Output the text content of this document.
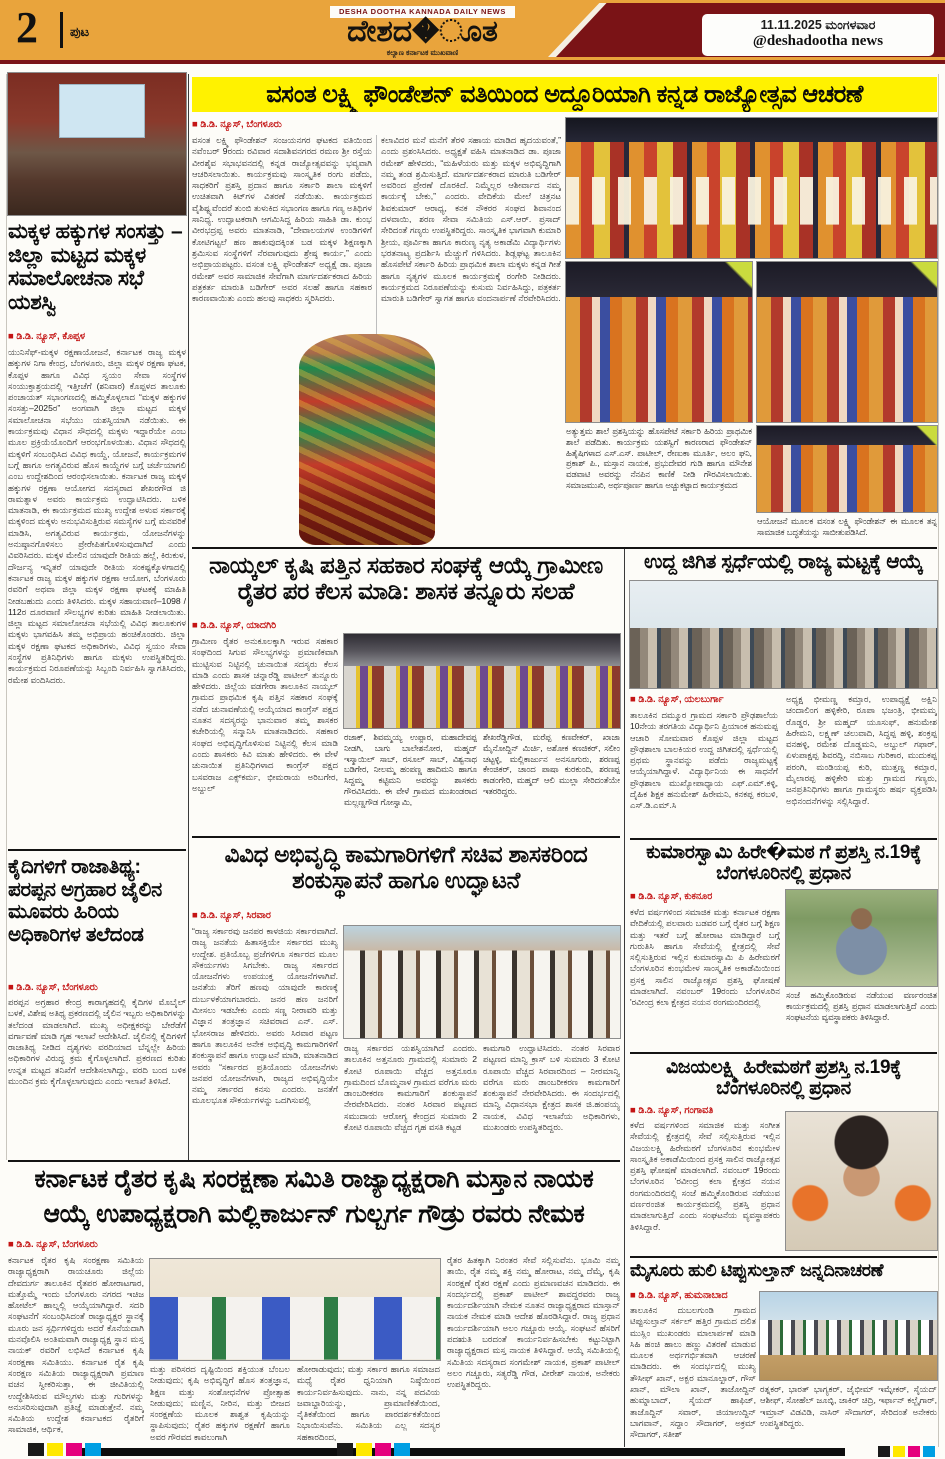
2 ಪುಟ
DESHA DOOTHA KANNADA DAILY NEWS
ದೇಶದ�ೂತ
ಕಲ್ಯಾಣ ಕರ್ನಾಟಕ ಮುಖವಾಣಿ
11.11.2025 ಮಂಗಳವಾರ
@deshadootha news
ಮಕ್ಕಳ ಹಕ್ಕುಗಳ ಸಂಸತ್ತು – ಜಿಲ್ಲಾ ಮಟ್ಟದ ಮಕ್ಕಳ ಸಮಾಲೋಚನಾ ಸಭೆ ಯಶಸ್ವಿ
■ ಡಿ.ಡಿ. ನ್ಯೂಸ್, ಕೊಪ್ಪಳ
ಯುನಿಸೆಫ್-ಮಕ್ಕಳ ರಕ್ಷಣಾಯೋಜನೆ, ಕರ್ನಾಟಕ ರಾಜ್ಯ ಮಕ್ಕಳ ಹಕ್ಕುಗಳ ನಿಗಾ ಕೇಂದ್ರ, ಬೆಂಗಳೂರು, ಜಿಲ್ಲಾ ಮಕ್ಕಳ ರಕ್ಷಣಾ ಘಟಕ, ಕೊಪ್ಪಳ ಹಾಗೂ ವಿವಿಧ ಸ್ವಯಂ ಸೇವಾ ಸಂಸ್ಥೆಗಳ ಸಂಯುಕ್ತಾಶ್ರಯದಲ್ಲಿ ಇತ್ತೀಚೆಗೆ (ಶನಿವಾರ) ಕೊಪ್ಪಳದ ತಾಲೂಕು ಪಂಚಾಯತ್ ಸಭಾಂಗಣದಲ್ಲಿ ಹಮ್ಮಿಕೊಳ್ಳಲಾದ “ಮಕ್ಕಳ ಹಕ್ಕುಗಳ ಸಂಸತ್ತು–2025ರ” ಅಂಗವಾಗಿ ಜಿಲ್ಲಾ ಮಟ್ಟದ ಮಕ್ಕಳ ಸಮಾಲೋಚನಾ ಸಭೆಯು ಯಶಸ್ವಿಯಾಗಿ ನಡೆಯಿತು. ಈ ಕಾರ್ಯಕ್ರಮವು ವಿಧಾನ ಸೌಧದಲ್ಲಿ ಮಕ್ಕಳು ಇದ್ದಾರೆಯೇ ಎಂಬ ಮೂಲ ಪ್ರಕ್ರಿಯೆಯೊಂದಿಗೆ ಆರಂಭಗೊಳಯಿತು. ವಿಧಾನ ಸೌಧದಲ್ಲಿ ಮಕ್ಕಳಿಗೆ ಸಂಬಂಧಿಸಿದ ವಿವಿಧ ಕಾಯ್ದೆ, ಯೋಜನೆ, ಕಾರ್ಯಕ್ರಮಗಳ ಬಗ್ಗೆ ಹಾಗೂ ಅಗತ್ಯವಿರುವ ಹೊಸ ಕಾಯ್ದೆಗಳ ಬಗ್ಗೆ ಚರ್ಚೆಯಾಗಲಿ ಎಂಬ ಉದ್ದೇಶದಿಂದ ಆರಂಭಿಸಲಾಯಿತು. ಕರ್ನಾಟಕ ರಾಜ್ಯ ಮಕ್ಕಳ ಹಕ್ಕುಗಳ ರಕ್ಷಣಾ ಆಯೋಗದ ಸದಸ್ಯರಾದ ಶೇಖರಗೌಡ ಜಿ ರಾಮತ್ನಾಳ ಅವರು ಕಾರ್ಯಕ್ರಮ ಉದ್ಘಾಟಿಸಿದರು. ಬಳಿಕ ಮಾತನಾಡಿ, ಈ ಕಾರ್ಯಕ್ರಮದ ಮುಖ್ಯ ಉದ್ದೇಶ ಅಳುವ ಸರ್ಕಾರಕ್ಕೆ ಮಕ್ಕಳಿಂದ ಮಕ್ಕಳು ಅನುಭವಿಸುತ್ತಿರುವ ಸಮಸ್ಯೆಗಳ ಬಗ್ಗೆ ಮನವರಿಕೆ ಮಾಡಿಸಿ, ಅಗತ್ಯವಿರುವ ಕಾರ್ಯಕ್ರಮ, ಯೋಜನೆಗಳನ್ನು ಅನುಷ್ಠಾನಗೊಳಿಸಲು ಪ್ರೇರೇಪಿತಗೊಳಿಸುವುದಾಗಿದೆ ಎಂದು ವಿವರಿಸಿದರು. ಮಕ್ಕಳ ಮೇಲಿನ ಯಾವುದೇ ರೀತಿಯ ಹಲ್ಲೆ, ಕಿರುಕುಳ, ದೌರ್ಜನ್ಯ ಇನ್ನಿತರೆ ಯಾವುದೇ ರೀತಿಯ ಸಂಕಷ್ಟಕ್ಕೊಳಗಾದಲ್ಲಿ ಕರ್ನಾಟಕ ರಾಜ್ಯ ಮಕ್ಕಳ ಹಕ್ಕುಗಳ ರಕ್ಷಣಾ ಆಯೋಗ, ಬೆಂಗಳೂರು ರವರಿಗೆ ಅಥವಾ ಜಿಲ್ಲಾ ಮಕ್ಕಳ ರಕ್ಷಣಾ ಘಟಕಕ್ಕೆ ಮಾಹಿತಿ ನೀಡಬಹುದು ಎಂದು ತಿಳಿಸಿದರು. ಮಕ್ಕಳ ಸಹಾಯವಾಣಿ–1098 / 112ರ ದೂರವಾಣಿ ಸೌಲಭ್ಯಗಳ ಕುರಿತು ಮಾಹಿತಿ ನೀಡಲಾಯಿತು. ಜಿಲ್ಲಾ ಮಟ್ಟದ ಸಮಾಲೋಚನಾ ಸಭೆಯಲ್ಲಿ ವಿವಿಧ ತಾಲೂಕುಗಳ ಮಕ್ಕಳು ಭಾಗವಹಿಸಿ ತಮ್ಮ ಅಭಿಪ್ರಾಯ ಹಂಚಿಕೊಂಡರು. ಜಿಲ್ಲಾ ಮಕ್ಕಳ ರಕ್ಷಣಾ ಘಟಕದ ಅಧಿಕಾರಿಗಳು, ವಿವಿಧ ಸ್ವಯಂ ಸೇವಾ ಸಂಸ್ಥೆಗಳ ಪ್ರತಿನಿಧಿಗಳು ಹಾಗೂ ಮಕ್ಕಳು ಉಪಸ್ಥಿತರಿದ್ದರು. ಕಾರ್ಯಕ್ರಮದ ನಿರೂಪಣೆಯನ್ನು ಸಿಬ್ಬಂದಿ ನಿರ್ವಹಿಸಿ ಸ್ವಾಗತಿಸಿದರು, ರಮೇಶ ವಂದಿಸಿದರು.
ಕೈದಿಗಳಿಗೆ ರಾಜಾತಿಥ್ಯ: ಪರಪ್ಪನ ಅಗ್ರಹಾರ ಜೈಲಿನ ಮೂವರು ಹಿರಿಯ ಅಧಿಕಾರಿಗಳ ತಲೆದಂಡ
■ ಡಿ.ಡಿ. ನ್ಯೂಸ್, ಬೆಂಗಳೂರು
ಪರಪ್ಪನ ಅಗ್ರಹಾರ ಕೇಂದ್ರ ಕಾರಾಗೃಹದಲ್ಲಿ ಕೈದಿಗಳ ಮೊಬೈಲ್ ಬಳಕೆ, ವಿಶೇಷ ಅತಿಥ್ಯ ಪ್ರಕರಣದಲ್ಲಿ ಜೈಲಿನ ಇಬ್ಬರು ಅಧಿಕಾರಿಗಳನ್ನು ತಲೆದಂಡ ಮಾಡಲಾಗಿದೆ. ಮುಖ್ಯ ಅಧೀಕ್ಷಕರನ್ನು ಬೇರೆಡೆಗೆ ವರ್ಗಾವಣೆ ಮಾಡಿ ಗೃಹ ಇಲಾಖೆ ಆದೇಶಿಸಿದೆ. ಜೈಲಿನಲ್ಲಿ ಕೈದಿಗಳಿಗೆ ರಾಜಾತಿಥ್ಯ ನೀಡಿದ ದೃಶ್ಯಗಳು ವರದಿಯಾದ ಬೆನ್ನಲ್ಲೇ ಹಿರಿಯ ಅಧಿಕಾರಿಗಳ ವಿರುದ್ಧ ಕ್ರಮ ಕೈಗೊಳ್ಳಲಾಗಿದೆ. ಪ್ರಕರಣದ ಕುರಿತು ಉನ್ನತ ಮಟ್ಟದ ತನಿಖೆಗೆ ಆದೇಶಿಸಲಾಗಿದ್ದು, ವರದಿ ಬಂದ ಬಳಿಕ ಮುಂದಿನ ಕ್ರಮ ಕೈಗೊಳ್ಳಲಾಗುವುದು ಎಂದು ಇಲಾಖೆ ತಿಳಿಸಿದೆ.
ವಸಂತ ಲಕ್ಷ್ಮಿ ಫೌಂಡೇಶನ್ ವತಿಯಿಂದ ಅದ್ದೂರಿಯಾಗಿ ಕನ್ನಡ ರಾಜ್ಯೋತ್ಸವ ಆಚರಣೆ
■ ಡಿ.ಡಿ. ನ್ಯೂಸ್, ಬೆಂಗಳೂರು
ವಸಂತ ಲಕ್ಷ್ಮಿ ಫೌಂಡೇಶನ್ ಸಂಜಯನಗರ ಘಟಕದ ವತಿಯಿಂದ ನವೆಂಬರ್ 9ರಂದು ರವಿವಾರ ಸದಾಶಿವನಗರದ ರಮಣ ಶ್ರೀ ರಸ್ತೆಯ ವೀರಶೈವ ಸಭಾಭವನದಲ್ಲಿ ಕನ್ನಡ ರಾಜ್ಯೋತ್ಸವವನ್ನು ಭವ್ಯವಾಗಿ ಆಚರಿಸಲಾಯಿತು. ಕಾರ್ಯಕ್ರಮವು ಸಾಂಸ್ಕೃತಿಕ ರಂಗು ಪಡೆದು, ಸಾಧಕರಿಗೆ ಪ್ರಶಸ್ತಿ ಪ್ರದಾನ ಹಾಗೂ ಸರ್ಕಾರಿ ಶಾಲಾ ಮಕ್ಕಳಿಗೆ ಉಚಿತವಾಗಿ ಕಿಟ್‌ಗಳ ವಿತರಣೆ ನಡೆಯಿತು. ಕಾರ್ಯಕ್ರಮದ ವೈಶಿಷ್ಟ್ಯವೆಂದರೆ ತುಂಬಿ ತುಳುಕಿದ ಸಭಾಂಗಣ ಹಾಗೂ ಗಣ್ಯ ಅತಿಥಿಗಳ ಸಾನಿಧ್ಯ. ಉದ್ಘಾಟಕರಾಗಿ ಆಗಮಿಸಿದ್ದ ಹಿರಿಯ ಸಾಹಿತಿ ಡಾ. ಕುಂಭ ವೀರಭದ್ರಪ್ಪ ಅವರು ಮಾತನಾಡಿ, “ದೇವಾಲಯಗಳ ಉಂಡಿಗಳಿಗೆ ಕೋಟಿಗಟ್ಟಲೆ ಹಣ ಹಾಕುವುದಕ್ಕಿಂತ ಬಡ ಮಕ್ಕಳ ಶಿಕ್ಷಣಕ್ಕಾಗಿ ಶ್ರಮಿಸುವ ಸಂಸ್ಥೆಗಳಿಗೆ ನೆರವಾಗುವುದು ಶ್ರೇಷ್ಠ ಕಾರ್ಯ,” ಎಂದು ಅಭಿಪ್ರಾಯಪಟ್ಟರು. ವಸಂತ ಲಕ್ಷ್ಮಿ ಫೌಂಡೇಶನ್ ಅಧ್ಯಕ್ಷೆ ಡಾ. ಪೂಜಾ ರಮೇಶ್ ಅವರ ಸಾಮಾಜಿಕ ಸೇವೆಗಾಗಿ ಮಾರ್ಗದರ್ಶಕರಾದ ಹಿರಿಯ ಪತ್ರಕರ್ತ ಮಾರುತಿ ಬಡಿಗೇರ್ ಅವರ ಸಲಹೆ ಹಾಗೂ ಸಹಕಾರ ಕಾರಣವಾಯಿತು ಎಂದು ಹಲವು ಸಾಧಕರು ಸ್ಮರಿಸಿದರು.
ಕಲಾವಿದರ ಮನೆ ಮನೆಗೆ ತೆರಳಿ ಸಹಾಯ ಮಾಡಿದ ಹೃದಯವಂತೆ,” ಎಂದು ಪ್ರಶಂಸಿಸಿದರು. ಅಧ್ಯಕ್ಷತೆ ವಹಿಸಿ ಮಾತನಾಡಿದ ಡಾ. ಪೂಜಾ ರಮೇಶ್ ಹೇಳಿದರು, “ಮಹಿಳೆಯರು ಮತ್ತು ಮಕ್ಕಳ ಅಭಿವೃದ್ಧಿಗಾಗಿ ನಮ್ಮ ತಂಡ ಶ್ರಮಿಸುತ್ತಿದೆ. ಮಾರ್ಗದರ್ಶಕರಾದ ಮಾರುತಿ ಬಡಿಗೇರ್ ಅವರಿಂದ ಪ್ರೇರಣೆ ದೊರಕಿದೆ. ನಿಮ್ಮೆಲ್ಲರ ಆಶೀರ್ವಾದ ನಮ್ಮ ಕಾರ್ಯಕ್ಕೆ ಬೇಕು,” ಎಂದರು. ವೇದಿಕೆಯ ಮೇಲೆ ಚಿತ್ರನಟ ಶಿವಕುಮಾರ್ ಆರಾಧ್ಯ, ಕನಕ ನೌಕರರ ಸಂಘದ ಶಿವಾನಂದ ದಳವಾಯಿ, ಶರಣ ಸೇವಾ ಸಮಿತಿಯ ಎಸ್.ಆರ್. ಪ್ರಸಾದ್ ಸೇರಿದಂತೆ ಗಣ್ಯರು ಉಪಸ್ಥಿತರಿದ್ದರು. ಸಾಂಸ್ಕೃತಿಕ ಭಾಗವಾಗಿ ಕುಮಾರಿ ಶ್ರೀಯ, ಪೂರ್ವಿಕಾ ಹಾಗೂ ಕಾರುಣ್ಯ ನೃತ್ಯ ಅಕಾಡೆಮಿ ವಿದ್ಯಾರ್ಥಿಗಳು ಭರತನಾಟ್ಯ ಪ್ರದರ್ಶಿಸಿ ಮೆಚ್ಚುಗೆ ಗಳಿಸಿದರು. ಶಿಡ್ಲಘಟ್ಟ ತಾಲೂಕಿನ ಹೊಸಪೇಟೆ ಸರ್ಕಾರಿ ಹಿರಿಯ ಪ್ರಾಥಮಿಕ ಶಾಲಾ ಮಕ್ಕಳು ಕನ್ನಡ ಗೀತೆ ಹಾಗೂ ನೃತ್ಯಗಳ ಮೂಲಕ ಕಾರ್ಯಕ್ರಮಕ್ಕೆ ರಂಗೇರಿ ನೀಡಿದರು. ಕಾರ್ಯಕ್ರಮದ ನಿರೂಪಣೆಯನ್ನು ಕುಸುಮ ನಿರ್ವಹಿಸಿದ್ದು, ಪತ್ರಕರ್ತ ಮಾರುತಿ ಬಡಿಗೇರ್ ಸ್ವಾಗತ ಹಾಗೂ ವಂದನಾರ್ಪಣೆ ನೆರವೇರಿಸಿದರು.
ಅತ್ಯುತ್ತಮ ಶಾಲೆ ಪ್ರಶಸ್ತಿಯನ್ನು ಹೊಸಪೇಟೆ ಸರ್ಕಾರಿ ಹಿರಿಯ ಪ್ರಾಥಮಿಕ ಶಾಲೆ ಪಡೆದಿತು. ಕಾರ್ಯಕ್ರಮ ಯಶಸ್ವಿಗೆ ಕಾರಣರಾದ ಫೌಂಡೇಶನ್ ಹಿತೈಷಿಗಳಾದ ಎಸ್.ಎಸ್. ಪಾಟೀಲ್, ರೇಣುಕಾ ಮೂರ್ತಿ, ಅಲಂ ಘನಿ, ಪ್ರಕಾಶ್ ಪಿ., ಮಸ್ತಾನ ನಾಯಕ, ಪ್ರಭುದೇವರ ಗುಡಿ ಹಾಗೂ ಮೌನೇಶ ವಡವಾಟಿ ಅವರನ್ನು ನೆನಪಿನ ಕಾಣಿಕೆ ನೀಡಿ ಗೌರವಿಸಲಾಯಿತು. ಸಮಾಜಮುಖಿ, ಅರ್ಥಪೂರ್ಣ ಹಾಗೂ ಅಚ್ಚುಕಟ್ಟಾದ ಕಾರ್ಯಕ್ರಮದ
ಆಯೋಜನೆ ಮೂಲಕ ವಸಂತ ಲಕ್ಷ್ಮಿ ಫೌಂಡೇಶನ್ ಈ ಮೂಲಕ ತನ್ನ ಸಾಮಾಜಿಕ ಬದ್ಧತೆಯನ್ನು ಸಾಬೀತುಪಡಿಸಿದೆ.
ನಾಯ್ಕಲ್ ಕೃಷಿ ಪತ್ತಿನ ಸಹಕಾರ ಸಂಘಕ್ಕೆ ಆಯ್ಕೆ ಗ್ರಾಮೀಣ ರೈತರ ಪರ ಕೆಲಸ ಮಾಡಿ: ಶಾಸಕ ತನ್ನೂರು ಸಲಹೆ
■ ಡಿ.ಡಿ. ನ್ಯೂಸ್, ಯಾದಗಿರಿ
ಗ್ರಾಮೀಣ ರೈತರ ಅನುಕೂಲಕ್ಕಾಗಿ ಇರುವ ಸಹಕಾರ ಸಂಘದಿಂದ ಸಿಗುವ ಸೌಲಭ್ಯಗಳನ್ನು ಪ್ರಮಾಣಿಕವಾಗಿ ಮುಟ್ಟಿಸುವ ನಿಟ್ಟಿನಲ್ಲಿ ಚುನಾಯಿತ ಸದಸ್ಯರು ಕೆಲಸ ಮಾಡಿ ಎಂದು ಶಾಸಕ ಚನ್ನಾರೆಡ್ಡಿ ಪಾಟೀಲ್ ತುನ್ನೂರು ಹೇಳಿದರು. ಜಿಲ್ಲೆಯ ವಡಗೇರಾ ತಾಲೂಕಿನ ನಾಯ್ಕಲ್ ಗ್ರಾಮದ ಪ್ರಾಥಮಿಕ ಕೃಷಿ ಪತ್ತಿನ ಸಹಕಾರ ಸಂಘಕ್ಕೆ ನಡೆದ ಚುನಾವಣೆಯಲ್ಲಿ ಆಯ್ಕೆಯಾದ ಕಾಂಗ್ರೆಸ್ ಪಕ್ಷದ ನೂತನ ಸದಸ್ಯರನ್ನು ಭಾನುವಾರ ತಮ್ಮ ಶಾಸಕರ ಕಚೇರಿಯಲ್ಲಿ ಸನ್ಮಾನಿಸಿ ಮಾತನಾಡಿದರು. ಸಹಕಾರ ಸಂಘದ ಅಭಿವೃದ್ಧಿಗೊಳಿಸುವ ನಿಟ್ಟಿನಲ್ಲಿ ಕೆಲಸ ಮಾಡಿ ಎಂದು ಶಾಸಕರು ಕಿವಿ ಮಾತು ಹೇಳಿದರು. ಈ ವೇಳೆ ಚುನಾಯಿತ ಪ್ರತಿನಿಧಿಗಳಾದ ಕಾಂಗ್ರೆಸ್ ಪಕ್ಷದ ಬಸವರಾಜ ಎಕ್ಸ್‌ಕರ್ಮ, ಭೀಮರಾಯ ಅರಿಬಗೇರ, ಅಬ್ದುಲ್
ರಜಾಕ್, ಶಿವಮ್ಮಯ್ಯ ಉಪ್ಪಾರ, ಮಹಾದೇವಪ್ಪ ನೀಡಗಿ, ಬಾಗು ಬಾಲೇಶನೋರ, ಮಹ್ಮದ್ ಇಸ್ಮಾಯಿಲ್ ಸಾಬ್, ರಸೂಲ್ ಸಾಬ್, ವಿಶ್ವನಾಥ ಬಡಿಗೇರ, ನೀಲಮ್ಮ ಹಂಪಣ್ಣ ಹಾದಿಮನಿ ಹಾಗೂ ಸಿದ್ದಮ್ಮ ಕಟ್ಟಿಮನಿ ಅವರನ್ನು ಶಾಸಕರು ಗೌರವಿಸಿದರು. ಈ ವೇಳೆ ಗ್ರಾಮದ ಮುಖಂಡರಾದ ಮಲ್ಲಣ್ಣಗೌಡ ಗೋಸ್ವಾಮಿ,
ಶೇಖರೆಡ್ಡಿಗೌಡ, ಮರೆಪ್ಪ ಕಣವೇಕರ್, ಖಾಜಾ ಮೈನೋದ್ದಿನ್ ಮಿರ್ಚಿ, ಅಶೋಕ ಕಣಜಿಕರ್, ಸಲೀಂ ಚಟ್ಟಳ್ಳಿ, ಮಲ್ಲಿಕಾರ್ಜುನ ಅನಸೂಗುರು, ಶರಣಪ್ಪ ಕೇಂಜಿಕರ್, ಚಾಂದ ಪಾಷಾ ಕುರಕುಂದಿ, ಶರಣಪ್ಪ ಕಾಡಂಗೇರಿ, ಮಹ್ಮದ್ ಆಲಿ ಮುಲ್ಲಾ ಸೇರಿದಂತೆಯೇ ಇತರರಿದ್ದರು.
ವಿವಿಧ ಅಭಿವೃದ್ಧಿ ಕಾಮಗಾರಿಗಳಿಗೆ ಸಚಿವ ಶಾಸಕರಿಂದ ಶಂಕುಸ್ಥಾಪನೆ ಹಾಗೂ ಉದ್ಘಾಟನೆ
■ ಡಿ.ಡಿ. ನ್ಯೂಸ್, ಸಿರವಾರ
“ರಾಜ್ಯ ಸರ್ಕಾರವು ಜನಪರ ಕಾಳಜಿಯ ಸರ್ಕಾರವಾಗಿದೆ. ರಾಜ್ಯ ಜನತೆಯ ಹಿತಾಸಕ್ತಿಯೇ ಸರ್ಕಾರದ ಮುಖ್ಯ ಉದ್ದೇಶ. ಪ್ರತಿಯೊಬ್ಬ ಪ್ರಜೆಗಳಿಗೂ ಸರ್ಕಾರದ ಮೂಲ ಸೌಕರ್ಯಗಳು ಸಿಗಬೇಕು. ರಾಜ್ಯ ಸರ್ಕಾರದ ಯೋಜನೆಗಳು ಉಪಯುಕ್ತ ಯೋಜನೆಗಳಾಗಿವೆ. ಜನತೆಯ ತೆರಿಗೆ ಹಣವು ಯಾವುದೇ ಕಾರಣಕ್ಕೆ ದುರ್ಬಳಕೆಯಾಗಬಾರದು. ಜನರ ಹಣ ಜನರಿಗೆ ಮೀಸಲು ಇಡಬೇಕು ಎಂದು ಸಣ್ಣ ನೀರಾವರಿ ಮತ್ತು ವಿಜ್ಞಾನ ತಂತ್ರಜ್ಞಾನ ಸಚಿವರಾದ ಎನ್. ಎಸ್. ಭೋಸರಾಜ ಹೇಳಿದರು. ಅವರು ಸಿರವಾರ ಪಟ್ಟಣ ಹಾಗೂ ತಾಲೂಕಿನ ಅನೇಕ ಅಭಿವೃದ್ಧಿ ಕಾಮಗಾರಿಗಳಿಗೆ ಶಂಕುಸ್ಥಾಪನೆ ಹಾಗೂ ಉದ್ಘಾಟನೆ ಮಾಡಿ, ಮಾತನಾಡಿದ ಅವರು “ಸರ್ಕಾರದ ಪ್ರತಿಯೊಂದು ಯೋಜನೆಗಳು ಜನಪರ ಯೋಜನೆಗಳಾಗಿ, ರಾಜ್ಯದ ಅಭಿವೃದ್ಧಿಯೇ ನಮ್ಮ ಸರ್ಕಾರದ ಕನಸು ಎಂದರು. ಜನತೆಗೆ ಮೂಲಭೂತ ಸೌಕರ್ಯಗಳನ್ನು ಒದಗಿಸುವಲ್ಲಿ
ರಾಜ್ಯ ಸರ್ಕಾರದ ಯಶಸ್ವಿಯಾಗಿದೆ ಎಂದರು. ತಾಲೂಕಿನ ಅತ್ತನೂರು ಗ್ರಾಮದಲ್ಲಿ ಸುಮಾರು 2 ಕೋಟಿ ರೂಪಾಯಿ ವೆಚ್ಚದ ಅತ್ತನೂರೂ ಗ್ರಾಮದಿಂದ ಬೊಮ್ಮನಾಳ ಗ್ರಾಮದ ವರೆಗೂ ಮರು ಡಾಂಬರೀಕರಣ ಕಾಮಗಾರಿಗೆ ಶಂಕುಸ್ಥಾಪನೆ ನೇರವೇರಿಸಿದರು. ನಂತರ ಸಿರವಾರ ಪಟ್ಟಣದ ಸಮುದಾಯ ಆರೋಗ್ಯ ಕೇಂದ್ರದ ಸುಮಾರು 2 ಕೋಟಿ ರೂಪಾಯಿ ವೆಚ್ಚದ ಗೃಹ ವಸತಿ ಕಟ್ಟಡ
ಕಾಮಗಾರಿ ಉದ್ಘಾಟಿಸಿದರು. ನಂತರ ಸಿರವಾರ ಪಟ್ಟಣದ ಮಾನ್ವಿ ಕ್ರಾಸ್ ಬಳಿ ಸುಮಾರು 3 ಕೋಟಿ ರೂಪಾಯಿ ವೆಚ್ಚದ ಸಿರವಾರದಿಂದ – ನೀರಮಾನ್ವಿ ವರೆಗೂ ಮರು ಡಾಂಬರೀಕರಣ ಕಾಮಗಾರಿಗೆ ಶಂಕುಸ್ಥಾಪನೆ ನೇರವೇರಿಸಿದರು. ಈ ಸಂದರ್ಭದಲ್ಲಿ ಮಾನ್ವಿ ವಿಧಾನಸಭಾ ಕ್ಷೇತ್ರದ ಶಾಸಕ ಜಿ.ಹಂಪಯ್ಯ ನಾಯಕ, ವಿವಿಧ ಇಲಾಖೆಯ ಅಧಿಕಾರಿಗಳು, ಮುಖಂಡರು ಉಪಸ್ಥಿತರಿದ್ದರು.
ಉದ್ದ ಜಿಗಿತ ಸ್ಪರ್ಧೆಯಲ್ಲಿ ರಾಜ್ಯ ಮಟ್ಟಕ್ಕೆ ಆಯ್ಕೆ
■ ಡಿ.ಡಿ. ನ್ಯೂಸ್, ಯಲಬುರ್ಗಾ
ತಾಲೂಕಿನ ದಮ್ಮೂರ ಗ್ರಾಮದ ಸರ್ಕಾರಿ ಪ್ರೌಢಶಾಲೆಯ 10ನೇಯ ತರಗತಿಯ ವಿದ್ಯಾರ್ಥಿನಿ ಪ್ರಿಯಾಂಕ ಹನುಮಪ್ಪ ಆಚಾರಿ ಸೋಮವಾರ ಕೊಪ್ಪಳ ಜಿಲ್ಲಾ ಮಟ್ಟದ ಪ್ರೌಢಶಾಲಾ ಬಾಲಕಿಯರ ಉದ್ದ ಜಿಗಿತದಲ್ಲಿ ಸ್ಪರ್ಧೆಯಲ್ಲಿ ಪ್ರಥಮ ಸ್ಥಾನವನ್ನು ಪಡೆದು ರಾಜ್ಯಮಟ್ಟಕ್ಕೆ ಆಯ್ಕೆಯಾಗಿದ್ದಾಳೆ. ವಿದ್ಯಾರ್ಥಿನಿಯ ಈ ಸಾಧನೆಗೆ ಪ್ರೌಢಶಾಲಾ ಮುಖ್ಯೋಪಾಧ್ಯಾಯ ಎಫ್.ಎಮ್.ಕಳ್ಳಿ, ದೈಹಿಕ ಶಿಕ್ಷಕ ಹನುಮೇಶ್ ಹಿರೇಮನಿ, ಕನಕಪ್ಪ ಕರಬಳಿ, ಎಸ್.ಡಿ.ಎಮ್.ಸಿ
ಅಧ್ಯಕ್ಷ ಭೀಮಣ್ಣ ಕಮ್ತಾರ, ಉಪಾಧ್ಯಕ್ಷೆ ಅಕ್ಷಿನಿ ಚಂದಾಲಿಂಗ ಹಳ್ಳಿಕೇರಿ, ರೂಪಾ ಭಜಂತ್ರಿ, ಭೀಮಮ್ಮ ರೊಡ್ಡರ, ಶ್ರೀ ಮಹ್ಮದ್ ಯೂಸುಫ್, ಹನುಮೇಶ ಹಿರೇಮನಿ, ಲಕ್ಷ್ಮಣ್ ಚಲುವಾದಿ, ಸಿದ್ಧಪ್ಪ ಹಳ್ಳಿ, ಶಂಕ್ರಪ್ಪ ವನಹಳ್ಳಿ, ರಮೇಶ ದೊಡ್ಡಮನಿ, ಅಬ್ದುಲ್ ಗಫಾರ್, ಏಳುಪಾಕ್ಷಪ್ಪ ಶಿವರದ್ದಿ, ನಬಿಸಾಬ ಗುರಿಕಾರ, ಮುದುಕಪ್ಪ ಪರಂಗಿ, ಮಂಡಿಯಪ್ಪ ಕುರಿ, ಮುತ್ತಣ್ಣ ಕಮ್ತಾರ, ಮೈಲಾರಪ್ಪ ಹಳ್ಳಿಕೇರಿ ಮತ್ತು ಗ್ರಾಮದ ಗಣ್ಯರು, ಜನಪ್ರತಿನಿಧಿಗಳು ಹಾಗೂ ಗ್ರಾಮಸ್ಥರು ಹರ್ಷ ವ್ಯಕ್ತಪಡಿಸಿ ಅಭಿನಂದನೆಗಳನ್ನು ಸಲ್ಲಿಸಿದ್ದಾರೆ.
ಕುಮಾರಸ್ವಾಮಿ ಹಿರೇ�ಮಠ ಗೆ ಪ್ರಶಸ್ತಿ ನ.19ಕ್ಕೆ ಬೆಂಗಳೂರಿನಲ್ಲಿ ಪ್ರಧಾನ
■ ಡಿ.ಡಿ. ನ್ಯೂಸ್, ಕುಕನೂರ
ಕಳೆದ ವರ್ಷಗಳಿಂದ ಸಮಾಜಿಕ ಮತ್ತು ಕರ್ನಾಟಕ ರಕ್ಷಣಾ ವೇದಿಕೆಯಲ್ಲಿ ಪಲವಾರು ಬಡವರ ಬಗ್ಗೆ ರೈತರ ಬಗ್ಗೆ ಶಿಕ್ಷಣ ಮತ್ತು ಇತರೆ ಬಗ್ಗೆ ಹೋರಾಟ ಮಾಡಿದ್ದಾರೆ ಬಗ್ಗೆ ಗುರುತಿಸಿ ಹಾಗೂ ಸೇವೆಯಲ್ಲಿ ಕ್ಷೇತ್ರದಲ್ಲಿ ಸೇವೆ ಸಲ್ಲಿಸುತ್ತಿರುವ ಇಲ್ಲಿನ ಕುಮಾರಸ್ವಾಮಿ ಪಿ ಹಿರೇಮಠಗೆ ಬೆಂಗಳೂರಿನ ಕುಂಭಮೇಳ ಸಾಂಸ್ಕೃತಿಕ ಅಕಾಡೆಮಿಯಿಂದ ಪ್ರಸಕ್ತ ಸಾಲಿನ ರಾಜ್ಯೋತ್ಸವ ಪ್ರಶಸ್ತಿ ಘೋಷಣೆ ಮಾಡಲಾಗಿದೆ. ನವಂಬರ್ 19ರಂದು ಬೆಂಗಳೂರಿನ 'ರವೀಂದ್ರ ಕಲಾ ಕ್ಷೇತ್ರದ ನಯನ ರಂಗಮಂದಿರದಲ್ಲಿ
ಸಂಜೆ ಹಮ್ಮಿಕೊಂಡಿರುವ ನಡೆಯುವ ವರ್ಣರಂಜಿತ ಕಾರ್ಯಕ್ರಮದಲ್ಲಿ ಪ್ರಶಸ್ತಿ ಪ್ರಧಾನ ಮಾಡಲಾಗುತ್ತಿದೆ ಎಂದು ಸಂಘಟನೆಯ ವ್ಯವಸ್ಥಾಪಕರು ತಿಳಿಸಿದ್ದಾರೆ.
ವಿಜಯಲಕ್ಷ್ಮಿ ಹಿರೇಮಠಗೆ ಪ್ರಶಸ್ತಿ ನ.19ಕ್ಕೆ ಬೆಂಗಳೂರಿನಲ್ಲಿ ಪ್ರಧಾನ
■ ಡಿ.ಡಿ. ನ್ಯೂಸ್, ಗಂಗಾವತಿ
ಕಳೆದ ವರ್ಷಗಳಿಂದ ಸಮಾಜಿಕ ಮತ್ತು ಸಂಗೀತ ಸೇವೆಯಲ್ಲಿ ಕ್ಷೇತ್ರದಲ್ಲಿ ಸೇವೆ ಸಲ್ಲಿಸುತ್ತಿರುವ ಇಲ್ಲಿನ ವಿಜಯಲಕ್ಷ್ಮಿ ಹಿರೇಮಠಗೆ ಬೆಂಗಳೂರಿನ ಕುಂಭಮೇಳ ಸಾಂಸ್ಕೃತಿಕ ಅಕಾಡೆಮಿಯಿಂದ ಪ್ರಸಕ್ತ ಸಾಲಿನ ರಾಜ್ಯೋತ್ಸವ ಪ್ರಶಸ್ತಿ ಘೋಷಣೆ ಮಾಡಲಾಗಿದೆ. ನವಂಬರ್ 19ರಂದು ಬೆಂಗಳೂರಿನ 'ರವೀಂದ್ರ ಕಲಾ ಕ್ಷೇತ್ರದ ನಯನ ರಂಗಮಂದಿರದಲ್ಲಿ ಸಂಜೆ ಹಮ್ಮಿಕೊಂಡಿರುವ ನಡೆಯುವ ವರ್ಣರಂಜಿತ ಕಾರ್ಯಕ್ರಮದಲ್ಲಿ ಪ್ರಶಸ್ತಿ ಪ್ರಧಾನ ಮಾಡಲಾಗುತ್ತಿದೆ ಎಂದು ಸಂಘಟನೆಯ ವ್ಯವಸ್ಥಾಪಕರು ತಿಳಿಸಿದ್ದಾರೆ.
ಮೈಸೂರು ಹುಲಿ ಟಿಪ್ಪುಸುಲ್ತಾನ್ ಜನ್ನದಿನಾಚರಣೆ
■ ಡಿ.ಡಿ. ನ್ಯೂಸ್, ಹುಮನಾಬಾದ
ತಾಲೂಕಿನ ದುಬಲಗುಂಡಿ ಗ್ರಾಮದ ಟಿಪ್ಪುಸುಲ್ತಾನ್ ಸರ್ಕಲ್ ಹತ್ತಿರ ಗ್ರಾಮದ ದಲಿತ ಮುಸ್ಲಿಂ ಮುಖಂಡರು ಮಾಲಾರ್ಪಣೆ ಮಾಡಿ ಸಿಹಿ ಹಂಚಿ ಹಾಲು ಹಣ್ಣು ವಿತರಣೆ ಮಾಡುವ ಮೂಲಕ ಅರ್ಥಗರ್ಭಿತವಾಗಿ ಆಚರಣೆ ಮಾಡಿದರು. ಈ ಸಂದರ್ಭದಲ್ಲಿ ಮುಖ್ಯ ತೌಸೀಫ್ ಖಾನ್, ಅಕ್ಬರ ಮಾನೂಲ್ಖಾರ್, ಗೌಸ್ ಖಾನ್, ಮೌಲಾ ಖಾನ್, ತಾಜೋದ್ದಿನ್ ಹುಮ್ನಾಬಾದ್, ಸೈಯದ್ ಹಾಫಿಜ್, ತಾಜೊದ್ದಿನ್ ಸವಾರ್, ಜಿಯಾಉದ್ದಿನ್ ಬಾಗವಾನ್, ಸದ್ದಾಂ ಸೌದಾಗರ್, ಅಕ್ರಮ್ ಸೌದಾಗರ್, ಸತೀಶ್
ರತ್ನಕರ್, ಭಾರತ್ ಭಾಗ್ಯಕರ್, ಜೈಭೀಮ್ ಇಮ್ಳೇಕರ್, ಸೈಯದ್ ಆಶೀಫ್, ಸೋಹೆಲ್ ಜೂಬ್ಳಿ, ಜಾಕಿರ್ ಚಿದ್ರಿ, ಇರ್ಫಾನ್ ಕಲ್ಬೈಗಾರ್, ಇಮ್ರಾನ್ ವಿಡವಿಡಿ, ನಾಸಿರ್ ಸೌದಾಗರ್, ಸೇರಿದಂತೆ ಅನೇಕರು ಉಪಸ್ಥಿತರಿದ್ದರು.
ಕರ್ನಾಟಕ ರೈತರ ಕೃಷಿ ಸಂರಕ್ಷಣಾ ಸಮಿತಿ ರಾಜ್ಯಾಧ್ಯಕ್ಷರಾಗಿ ಮಸ್ತಾನ ನಾಯಕ
ಆಯ್ಕೆ ಉಪಾಧ್ಯಕ್ಷರಾಗಿ ಮಲ್ಲಿಕಾರ್ಜುನ್ ಗುಲ್ಬರ್ಗ ಗೌಡ್ರು ರವರು ನೇಮಕ
■ ಡಿ.ಡಿ. ನ್ಯೂಸ್, ಬೆಂಗಳೂರು
ಕರ್ನಾಟಕ ರೈತರ ಕೃಷಿ ಸಂರಕ್ಷಣಾ ಸಮಿತಿಯ ರಾಜ್ಯಾಧ್ಯಕ್ಷರಾಗಿ ರಾಯಚೂರು ಜಿಲ್ಲೆಯ ದೇವದುರ್ಗ ತಾಲೂಕಿನ ರೈತಪರ ಹೋರಾಟಗಾರ, ಮತ್ತೊಮ್ಮೆ ಇಂದು ಬೆಂಗಳೂರು ನಗರದ ಇಚಿಜ ಹೋಟೆಲ್ ಹಾಲ್ನಲ್ಲಿ ಆಯ್ಕೆಯಾಗಿದ್ದಾರೆ. ಸದರಿ ಸಂಘಟನೆಗೆ ಸಂಬಂಧಿಸಿದಂತೆ ರಾಜ್ಯಾಧ್ಯಕ್ಷರ ಸ್ಥಾನಕ್ಕೆ ಮೂರು ಜನ ಸ್ಪರ್ಧಿಗಳಿದ್ದರು ಅದರೆ ಕೊನೆಯದಾಗಿ ಮನವೊಲಿಸಿ ಅಂತಿಮವಾಗಿ ರಾಜ್ಯಾಧ್ಯಕ್ಷ ಸ್ಥಾನ ಮಸ್ತ ನಾಯಕ್ ರವರಿಗೆ ಲಭಿಸಿದೆ ಕರ್ನಾಟಕ ಕೃಷಿ ಸಂರಕ್ಷಣಾ ಸಮಿತಿಯು. ಕರ್ನಾಟಕ ರೈತ ಕೃಷಿ ಸಂರಕ್ಷಣ ಸಮಿತಿಯ ರಾಜ್ಯಾಧ್ಯಕ್ಷರಾಗಿ ಪ್ರಮಾಣ ವಚನ ಸ್ವೀಕರಿಸುತ್ತಾ, ಈ ಜೀವಿತಿಯಲ್ಲಿ ಉದ್ಧೇಶಿಸಿರುವ ಮೌಲ್ಯಗಳು ಮತ್ತು ಗುರಿಗಳನ್ನು ಅನುಸರಿಸುವುದಾಗಿ ಪ್ರತಿಜ್ಞೆ ಮಾಡುತ್ತೇನೆ. ನಮ್ಮ ಸಮಿತಿಯ ಉದ್ದೇಶ ಕರ್ನಾಟಕದ ರೈತರಿಗೆ ಸಾಮಾಜಿಕ, ಆರ್ಥಿಕ,
ಮತ್ತು ಪರಿಸರದ ದೃಷ್ಟಿಯಿಂದ ಶಕ್ತಿಯುತ ಬೆಂಬಲ ನೀಡುವುದು; ಕೃಷಿ ಅಭಿವೃದ್ಧಿಗೆ ಹೊಸ ತಂತ್ರಜ್ಞಾನ, ಶಿಕ್ಷಣ ಮತ್ತು ಸಂಶೋಧನೆಗಳ ಪ್ರೋತ್ಸಾಹ ನೀಡುವುದು; ಮಣ್ಣಿನ, ನೀರಿನ, ಮತ್ತು ಬೀಜದ ಸಂರಕ್ಷಣೆಯ ಮೂಲಕ ಶಾಶ್ವತ ಕೃಷಿಯನ್ನು ಸ್ಥಾಪಿಸುವುದು; ರೈತರ ಹಕ್ಕುಗಳ ರಕ್ಷಣೆಗೆ ಹಾಗೂ ಅವರ ಗೌರವದ ಕಾವಲುಗಾಗಿ
ಹೋರಾಡುವುದು; ಮತ್ತು ಸರ್ಕಾರ ಹಾಗೂ ಸಮಾಜದ ಮಧ್ಯೆ ರೈತರ ಧ್ವನಿಯಾಗಿ ನಿಷ್ಠೆಯಿಂದ ಕಾರ್ಯನಿರ್ವಹಿಸುವುದು. ನಾನು, ನನ್ನ ಪದವಿಯ ಜವಾಬ್ದಾರಿಯನ್ನು, ಪ್ರಾಮಾಣಿಕತೆಯಿಂದ, ನೈತಿಕತೆಯಿಂದ ಹಾಗೂ ಪಾರದರ್ಶಕತೆಯಿಂದ ನಿಭಾಯಿಸುವೆನು. ಸಮಿತಿಯ ಎಲ್ಲ ಸದಸ್ಯರ ಸಹಕಾರದಿಂದ,
ರೈತರ ಹಿತಕ್ಕಾಗಿ ನಿರಂತರ ಸೇವೆ ಸಲ್ಲಿಸುವೆನು. ಭೂಮಿ ನಮ್ಮ ತಾಯಿ, ರೈತ ನಮ್ಮ ಶಕ್ತಿ ನಮ್ಮ ಹೋರಾಟ, ನಮ್ಮ ದೆಮ್ಮೆ, ಕೃಷಿ ಸಂರಕ್ಷಣೆ ರೈತರ ರಕ್ಷಣೆ ಎಂದು ಪ್ರಮಾಣವಚನ ಮಾಡಿದರು. ಈ ಸಂದರ್ಭದಲ್ಲಿ ಪ್ರಕಾಶ್ ಪಾಟೀಲ್ ಶಾವದ್ದರವರು ರಾಜ್ಯ ಕಾರ್ಯದರ್ಶಿಯಾಗಿ ನೇಮಕ ನೂತನ ರಾಜ್ಯಾಧ್ಯಕ್ಷರಾದ ಮಾಸ್ತಾನ್ ನಾಯಕ ನೇಮಕ ಮಾಡಿ ಆದೇಶ ಹೊರಡಿಸಿದ್ದಾರೆ. ರಾಜ್ಯ ಪ್ರಧಾನ ಕಾರ್ಯದರ್ಶಿಯಾಗಿ ಅಲಂ ಗಚ್ಚೂರು ಆಯ್ಕೆ. ಸಂಘಟನೆ ಹೆಸರಿಗೆ ಪದಋತಿ ಬರದಂತೆ ಕಾರ್ಯನಿರ್ವಹಿಸಬೇಕು ಕಟ್ಟುನಿಟ್ಟಾಗಿ ರಾಜ್ಯಾಧ್ಯಕ್ಷರಾದ ಮಸ್ತ ನಾಯಕ ತಿಳಿಸಿದ್ದಾರೆ. ಆಯ್ಕೆ ಸಮಿತಿಯಲ್ಲಿ ಸಮಿತಿಯ ಸದಸ್ಯರಾದ ಸಂಗಮೇಶ್ ನಾಯಕ, ಪ್ರಕಾಶ್ ಪಾಟೀಲ್ ಅಲಂ ಗಚ್ಚೂರು, ಸತ್ಯರೆಡ್ಡಿ ಗೌಡ, ವೀರೇಶ್ ನಾಯಕ, ಅನೇಕರು ಉಪಸ್ಥಿತರಿದ್ದರು.
